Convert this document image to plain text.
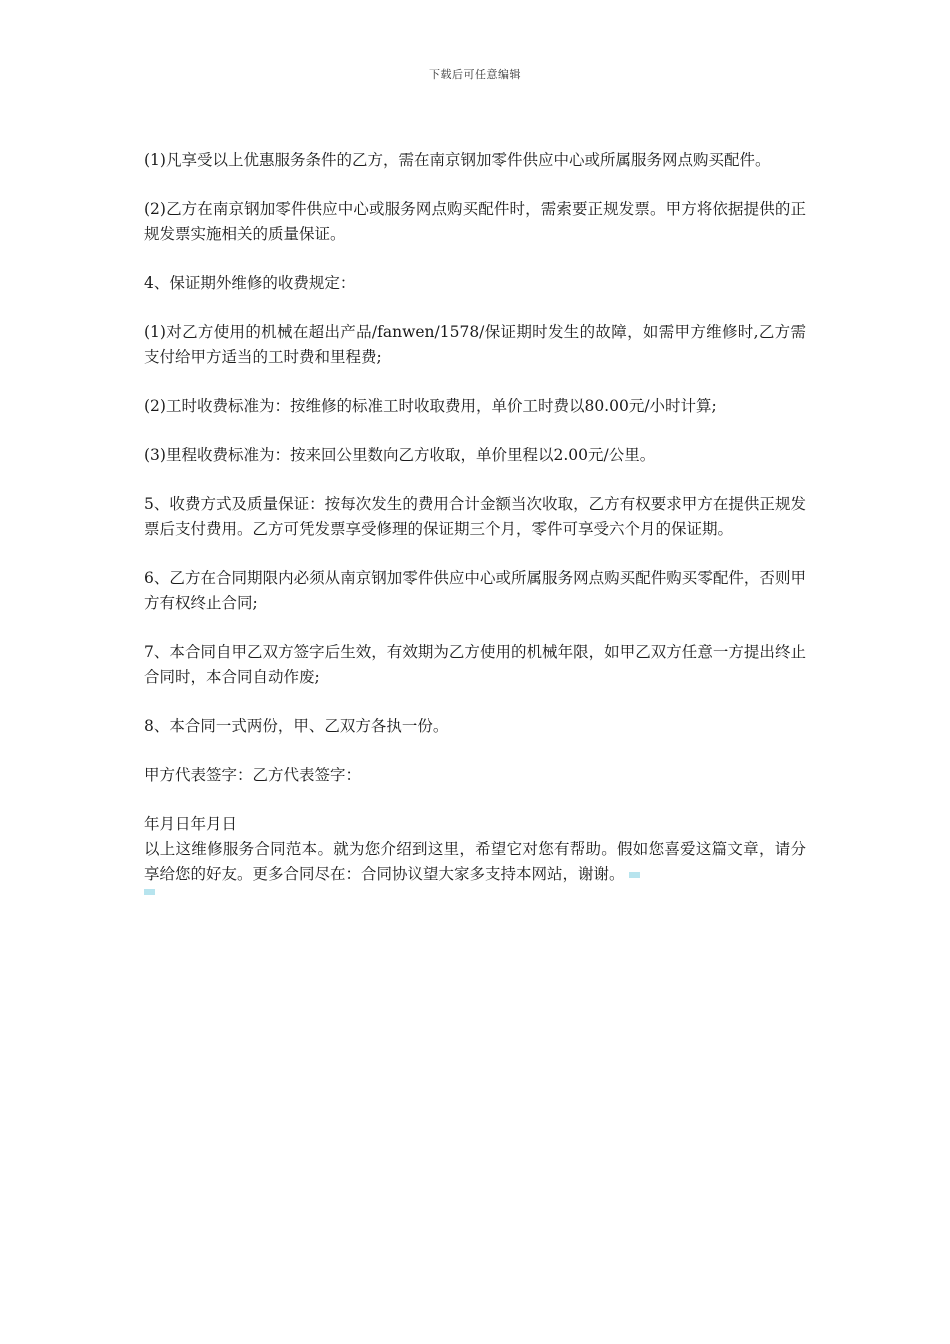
下载后可任意编辑

(1)凡享受以上优惠服务条件的乙方，需在南京钢加零件供应中心或所属服务网点购买配件。

(2)乙方在南京钢加零件供应中心或服务网点购买配件时，需索要正规发票。甲方将依据提供的正规发票实施相关的质量保证。

4、保证期外维修的收费规定：

(1)对乙方使用的机械在超出产品/fanwen/1578/保证期时发生的故障，如需甲方维修时,乙方需支付给甲方适当的工时费和里程费;

(2)工时收费标准为：按维修的标准工时收取费用，单价工时费以80.00元/小时计算;

(3)里程收费标准为：按来回公里数向乙方收取，单价里程以2.00元/公里。

5、收费方式及质量保证：按每次发生的费用合计金额当次收取，乙方有权要求甲方在提供正规发票后支付费用。乙方可凭发票享受修理的保证期三个月，零件可享受六个月的保证期。

6、乙方在合同期限内必须从南京钢加零件供应中心或所属服务网点购买配件购买零配件，否则甲方有权终止合同;

7、本合同自甲乙双方签字后生效，有效期为乙方使用的机械年限，如甲乙双方任意一方提出终止合同时，本合同自动作废;

8、本合同一式两份，甲、乙双方各执一份。

甲方代表签字：乙方代表签字：

年月日年月日

以上这维修服务合同范本。就为您介绍到这里，希望它对您有帮助。假如您喜爱这篇文章，请分享给您的好友。更多合同尽在：合同协议望大家多支持本网站，谢谢。
